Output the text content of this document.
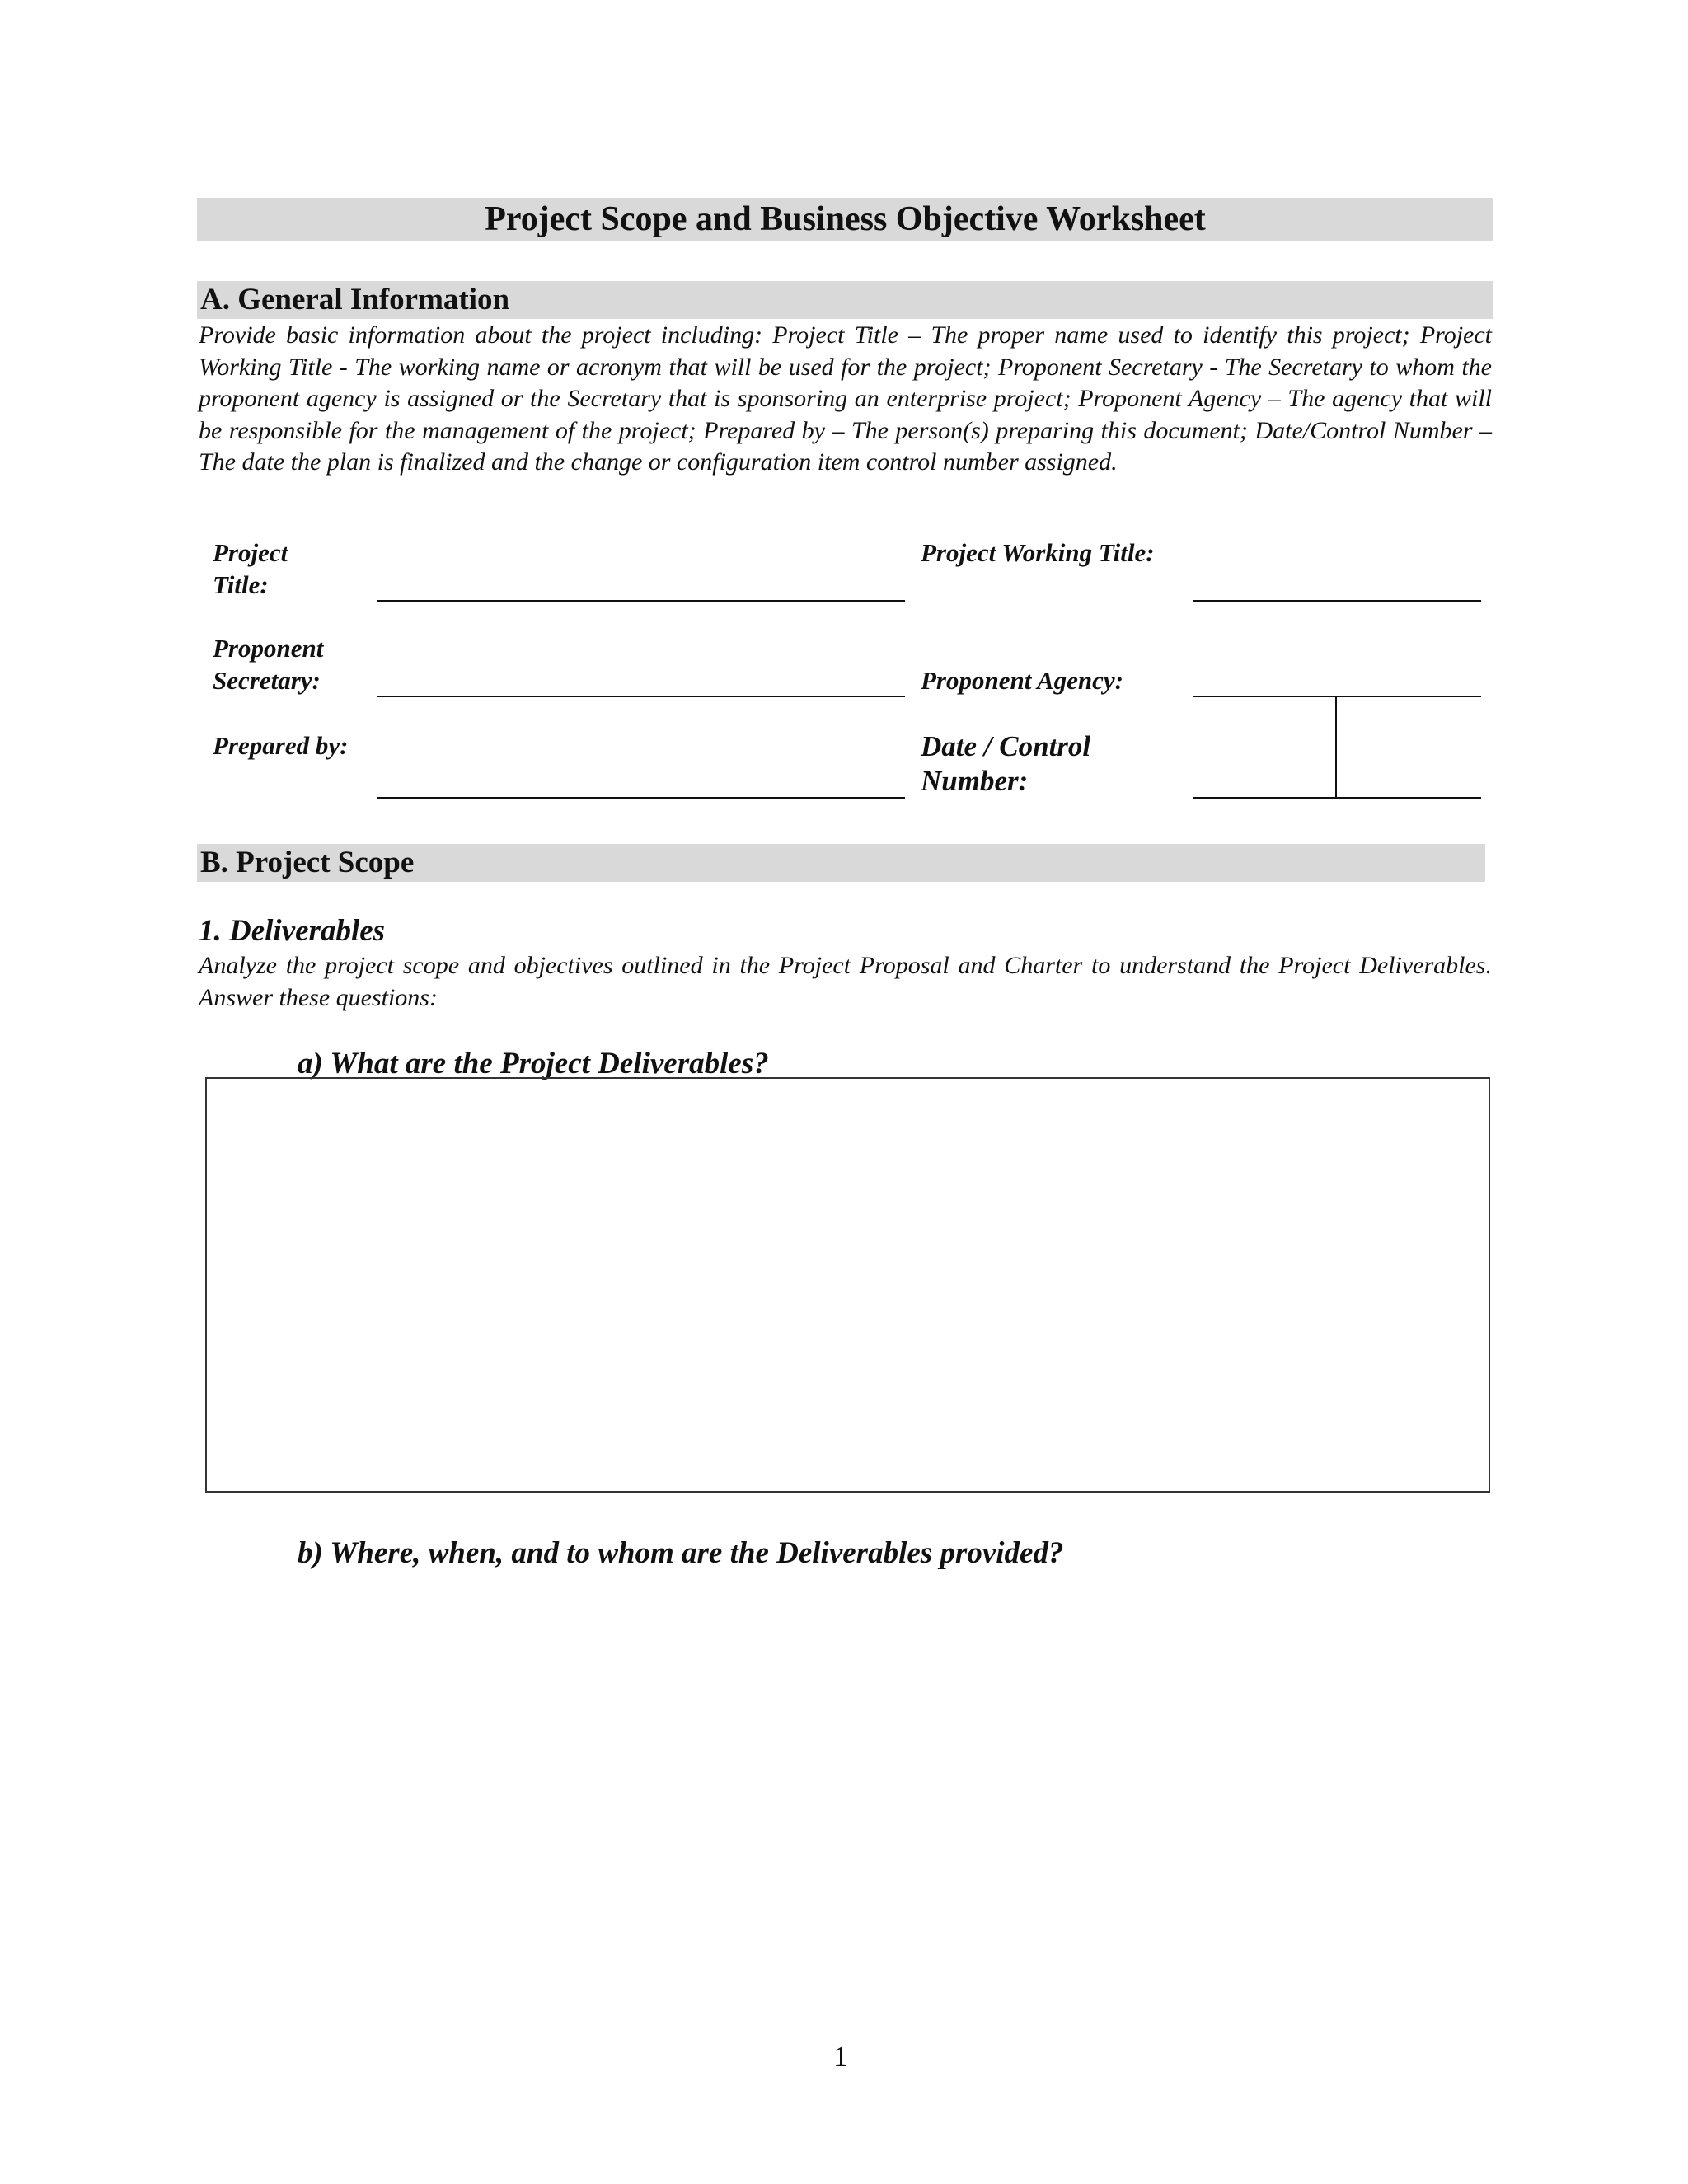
Project Scope and Business Objective Worksheet
A. General Information
Provide basic information about the project including: Project Title – The proper name used to identify this project; Project Working Title - The working name or acronym that will be used for the project; Proponent Secretary - The Secretary to whom the proponent agency is assigned or the Secretary that is sponsoring an enterprise project; Proponent Agency – The agency that will be responsible for the management of the project; Prepared by – The person(s) preparing this document; Date/Control Number – The date the plan is finalized and the change or configuration item control number assigned.
Project
Title:
Project Working Title:
Proponent
Secretary:	Proponent Agency:
Prepared by:	Date / Control
Number:
B. Project Scope
1. Deliverables
Analyze the project scope and objectives outlined in the Project Proposal and Charter to understand the Project Deliverables. Answer these questions:
a) What are the Project Deliverables?
b) Where, when, and to whom are the Deliverables provided?
1
